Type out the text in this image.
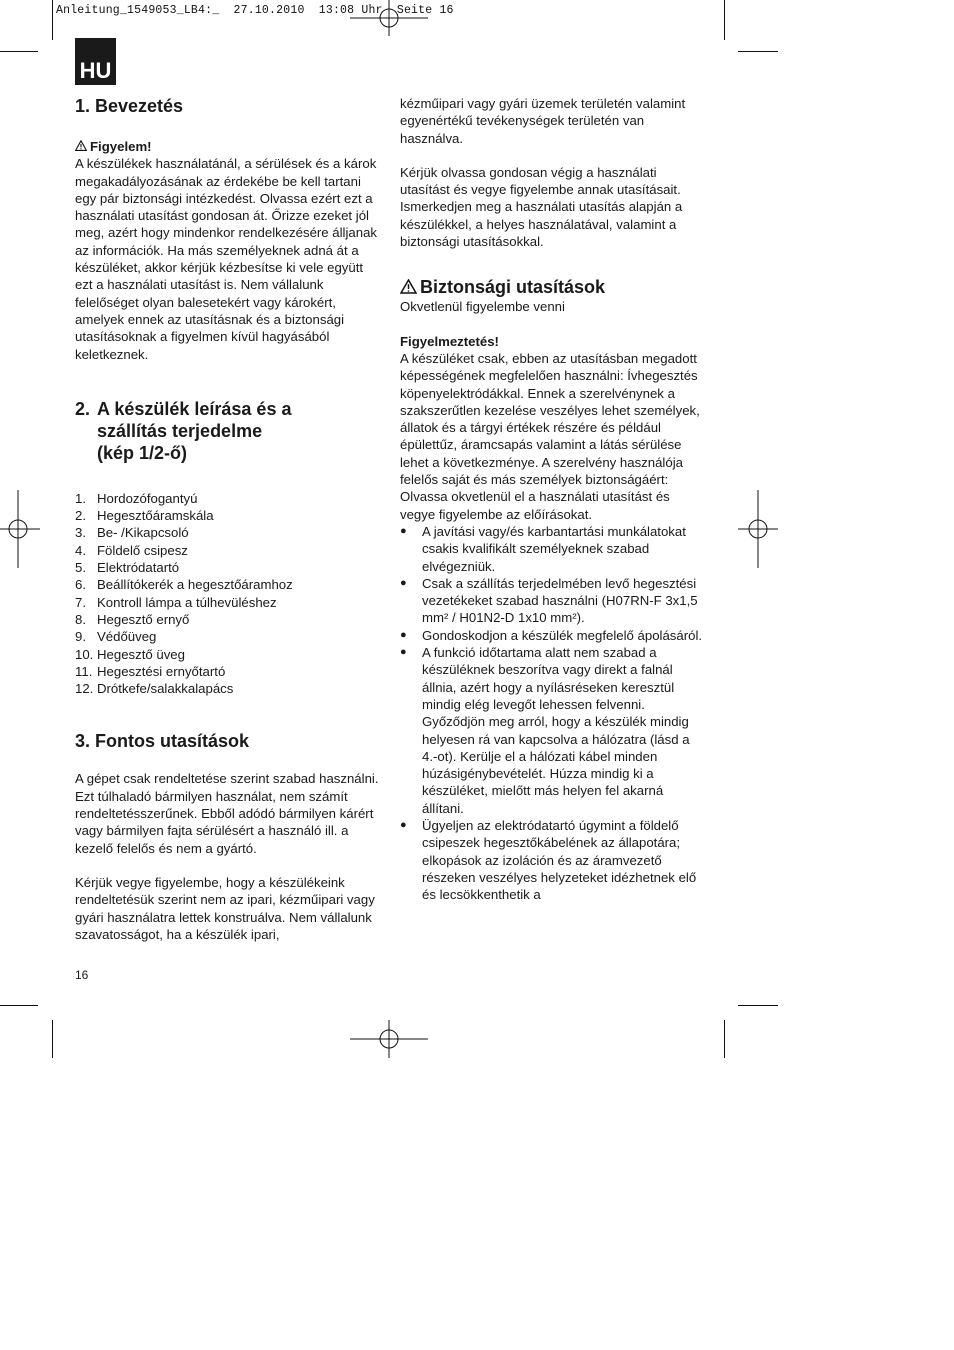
Anleitung_1549053_LB4:_  27.10.2010  13:08 Uhr  Seite 16
HU
1. Bevezetés

Figyelem!

A készülékek használatánál, a sérülések és a károk megakadályozásának az érdekébe be kell tartani egy pár biztonsági intézkedést. Olvassa ezért ezt a használati utasítást gondosan át. Őrizze ezeket jól meg, azért hogy mindenkor rendelkezésére álljanak az információk. Ha más személyeknek adná át a készüléket, akkor kérjük kézbesítse ki vele együtt ezt a használati utasítást is. Nem vállalunk felelőséget olyan balesetekért vagy károkért, amelyek ennek az utasításnak és a biztonsági utasításoknak a figyelmen kívül hagyásából keletkeznek.

2. A készülék leírása és a
szállítás terjedelme
(kép 1/2-ő)
1. Hordozófogantyú
2. Hegesztőáramskála
3. Be- /Kikapcsoló
4. Földelő csipesz
5. Elektródatartó
6. Beállítókerék a hegesztőáramhoz
7. Kontroll lámpa a túlhevüléshez
8. Hegesztő ernyő
9. Védőüveg
10. Hegesztő üveg
11. Hegesztési ernyőtartó
12. Drótkefe/salakkalapács
3. Fontos utasítások

A gépet csak rendeltetése szerint szabad használni. Ezt túlhaladó bármilyen használat, nem számít rendeltetésszerűnek. Ebből adódó bármilyen kárért vagy bármilyen fajta sérülésért a használó ill. a kezelő felelős és nem a gyártó.

Kérjük vegye figyelembe, hogy a készülékeink rendeltetésük szerint nem az ipari, kézműipari vagy gyári használatra lettek konstruálva. Nem vállalunk szavatosságot, ha a készülék ipari,

kézműipari vagy gyári üzemek területén valamint egyenértékű tevékenységek területén van használva.

Kérjük olvassa gondosan végig a használati utasítást és vegye figyelembe annak utasításait. Ismerkedjen meg a használati utasítás alapján a készülékkel, a helyes használatával, valamint a biztonsági utasításokkal.

Biztonsági utasítások

Okvetlenül figyelembe venni

Figyelmeztetés!

A készüléket csak, ebben az utasításban megadott képességének megfelelően használni: Ívhegesztés köpenyelektródákkal. Ennek a szerelvénynek a szakszerűtlen kezelése veszélyes lehet személyek, állatok és a tárgyi értékek részére és például épülettűz, áramcsapás valamint a látás sérülése lehet a következménye. A szerelvény használója felelős saját és más személyek biztonságáért: Olvassa okvetlenül el a használati utasítást és vegye figyelembe az előírásokat.

●	A javítási vagy/és karbantartási munkálatokat csakis kvalifikált személyeknek szabad elvégezniük.
●	Csak a szállítás terjedelmében levő hegesztési vezetékeket szabad használni (H07RN-F 3x1,5 mm² / H01N2-D 1x10 mm²).
●	Gondoskodjon a készülék megfelelő ápolásáról.
●	A funkció időtartama alatt nem szabad a készüléknek beszorítva vagy direkt a falnál állnia, azért hogy a nyílásréseken keresztül mindig elég levegőt lehessen felvenni. Győződjön meg arról, hogy a készülék mindig helyesen rá van kapcsolva a hálózatra (lásd a 4.-ot). Kerülje el a hálózati kábel minden húzásigénybevételét. Húzza mindig ki a készüléket, mielőtt más helyen fel akarná állítani.
●	Ügyeljen az elektródatartó úgymint a földelő csipeszek hegesztőkábelének az állapotára; elkopások az izoláción és az áramvezető részeken veszélyes helyzeteket idézhetnek elő és lecsökkenthetik a
16
